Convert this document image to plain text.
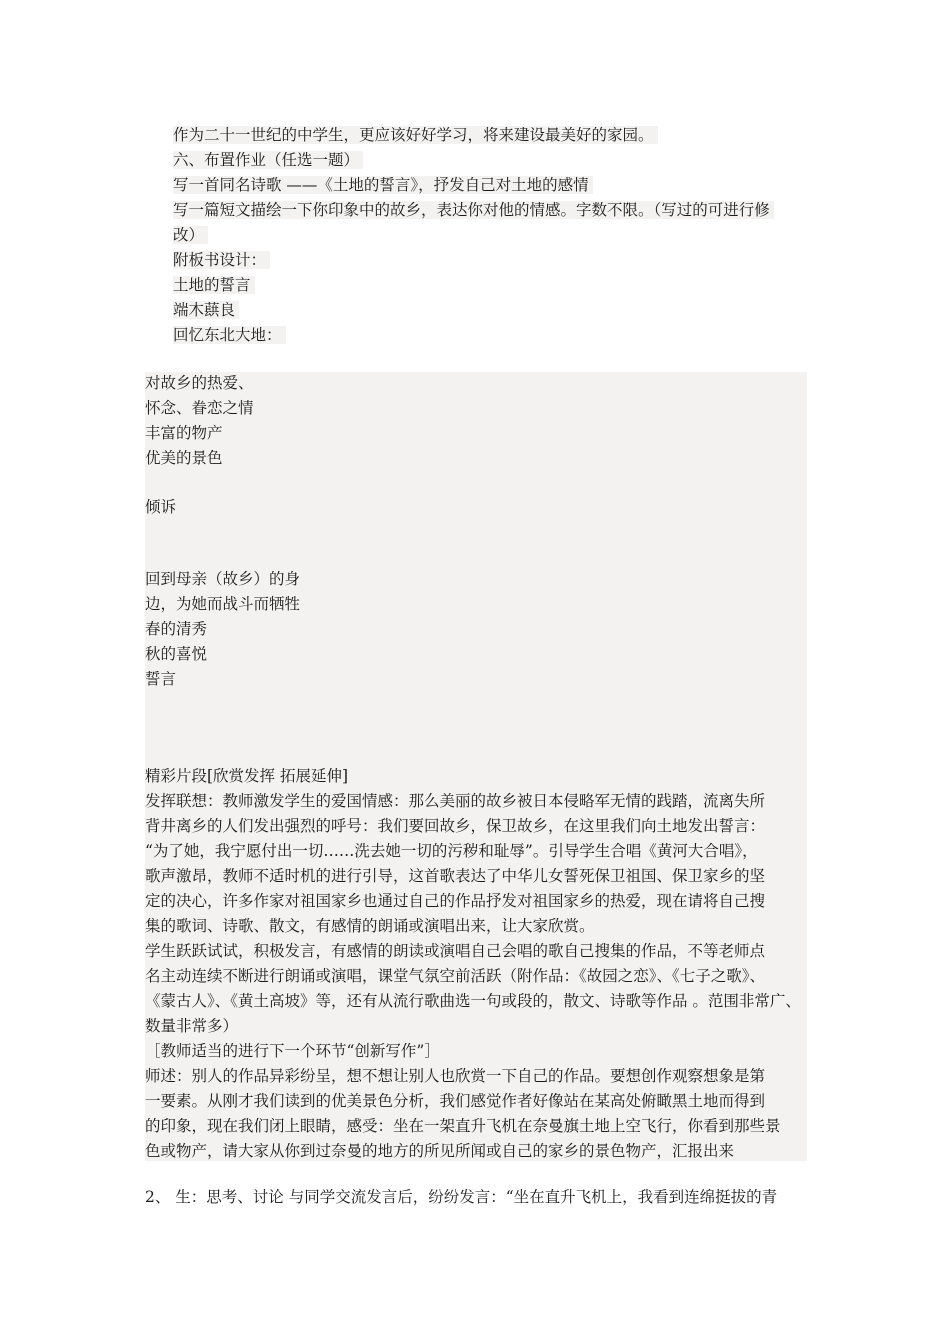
作为二十一世纪的中学生，更应该好好学习，将来建设最美好的家园。
六、布置作业（任选一题）
写一首同名诗歌 ——《土地的誓言》，抒发自己对土地的感情
写一篇短文描绘一下你印象中的故乡，表达你对他的情感。字数不限。（写过的可进行修
改）
附板书设计：
土地的誓言
端木蕻良
回忆东北大地：
对故乡的热爱、
怀念、眷恋之情
丰富的物产
优美的景色
倾诉
回到母亲（故乡）的身
边，为她而战斗而牺牲
春的清秀
秋的喜悦
誓言
精彩片段[欣赏发挥 拓展延伸]
发挥联想：教师激发学生的爱国情感：那么美丽的故乡被日本侵略军无情的践踏，流离失所
背井离乡的人们发出强烈的呼号：我们要回故乡，保卫故乡，在这里我们向土地发出誓言：
“为了她，我宁愿付出一切……洗去她一切的污秽和耻辱”。引导学生合唱《黄河大合唱》，
歌声激昂，教师不适时机的进行引导，这首歌表达了中华儿女誓死保卫祖国、保卫家乡的坚
定的决心，许多作家对祖国家乡也通过自己的作品抒发对祖国家乡的热爱，现在请将自己搜
集的歌词、诗歌、散文，有感情的朗诵或演唱出来，让大家欣赏。
学生跃跃试试，积极发言，有感情的朗读或演唱自己会唱的歌自己搜集的作品，不等老师点
名主动连续不断进行朗诵或演唱，课堂气氛空前活跃（附作品：《故园之恋》、《七子之歌》、
《蒙古人》、《黄土高坡》等，还有从流行歌曲选一句或段的，散文、诗歌等作品 。范围非常广、
数量非常多）
［教师适当的进行下一个环节“创新写作”］
师述：别人的作品异彩纷呈，想不想让别人也欣赏一下自己的作品。要想创作观察想象是第
一要素。从刚才我们读到的优美景色分析，我们感觉作者好像站在某高处俯瞰黑土地而得到
的印象，现在我们闭上眼睛，感受：坐在一架直升飞机在奈曼旗土地上空飞行，你看到那些景
色或物产，请大家从你到过奈曼的地方的所见所闻或自己的家乡的景色物产，汇报出来
2、 生：思考、讨论 与同学交流发言后，纷纷发言：“坐在直升飞机上，我看到连绵挺拔的青
